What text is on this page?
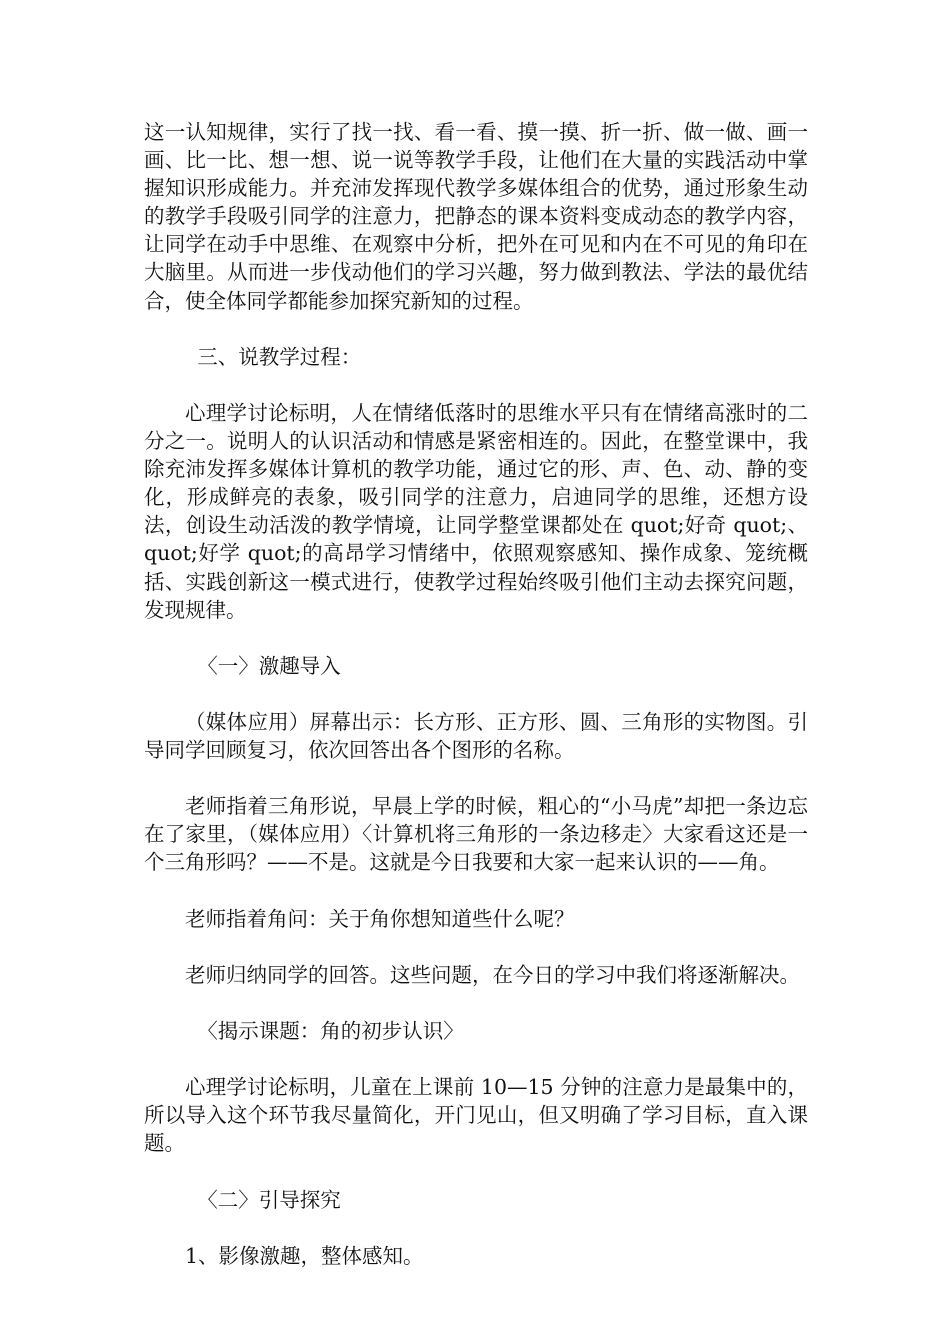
这一认知规律，实行了找一找、看一看、摸一摸、折一折、做一做、画一画、比一比、想一想、说一说等教学手段，让他们在大量的实践活动中掌握知识形成能力。并充沛发挥现代教学多媒体组合的优势，通过形象生动的教学手段吸引同学的注意力，把静态的课本资料变成动态的教学内容，让同学在动手中思维、在观察中分析，把外在可见和内在不可见的角印在大脑里。从而进一步伐动他们的学习兴趣，努力做到教法、学法的最优结合，使全体同学都能参加探究新知的过程。

三、说教学过程：

心理学讨论标明，人在情绪低落时的思维水平只有在情绪高涨时的二分之一。说明人的认识活动和情感是紧密相连的。因此，在整堂课中，我除充沛发挥多媒体计算机的教学功能，通过它的形、声、色、动、静的变化，形成鲜亮的表象，吸引同学的注意力，启迪同学的思维，还想方设法，创设生动活泼的教学情境，让同学整堂课都处在 quot;好奇 quot;、 quot;好学 quot;的高昂学习情绪中，依照观察感知、操作成象、笼统概括、实践创新这一模式进行，使教学过程始终吸引他们主动去探究问题，发现规律。

〈一〉激趣导入

（媒体应用）屏幕出示：长方形、正方形、圆、三角形的实物图。引导同学回顾复习，依次回答出各个图形的名称。

老师指着三角形说，早晨上学的时候，粗心的“小马虎”却把一条边忘在了家里，（媒体应用）〈计算机将三角形的一条边移走〉大家看这还是一个三角形吗？——不是。这就是今日我要和大家一起来认识的——角。

老师指着角问：关于角你想知道些什么呢？

老师归纳同学的回答。这些问题，在今日的学习中我们将逐渐解决。

〈揭示课题：角的初步认识〉

心理学讨论标明，儿童在上课前 10—15 分钟的注意力是最集中的，所以导入这个环节我尽量简化，开门见山，但又明确了学习目标，直入课题。

〈二〉引导探究

1、影像激趣，整体感知。
